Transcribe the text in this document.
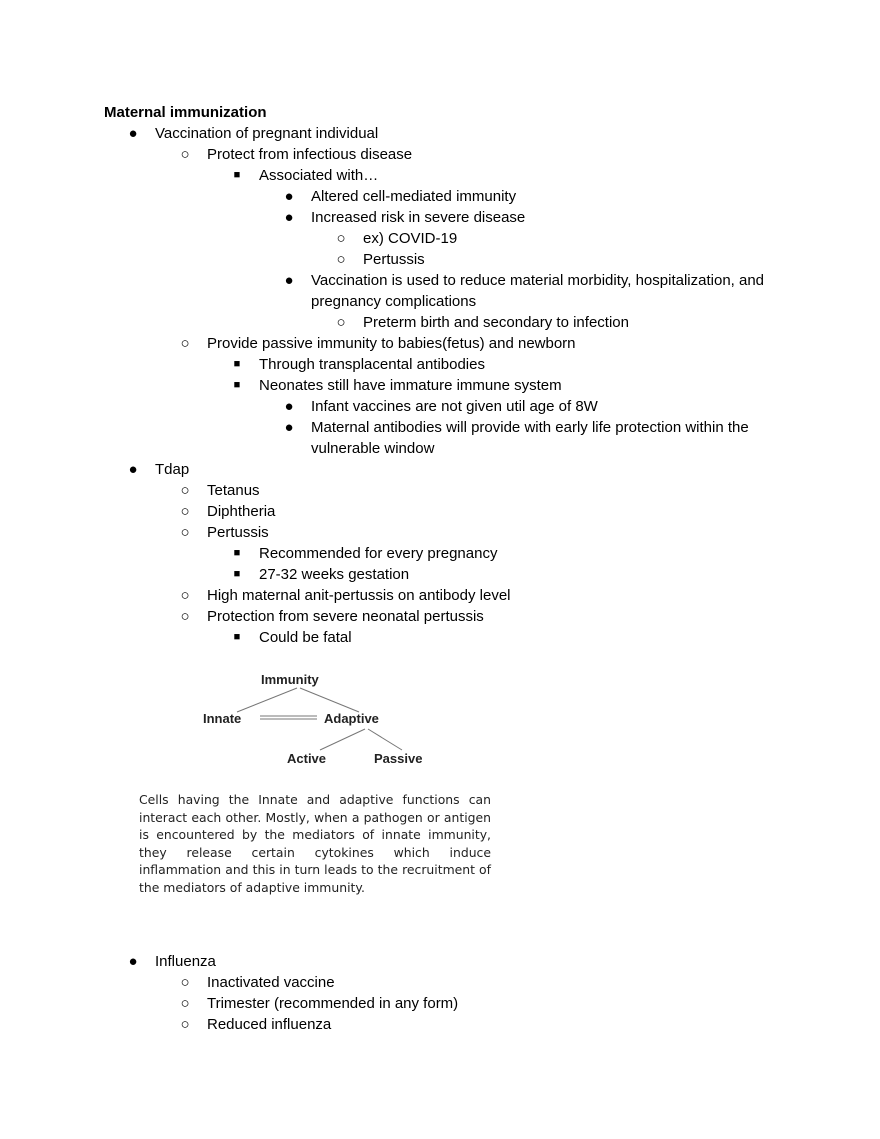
Maternal immunization
●	Vaccination of pregnant individual
○	Protect from infectious disease
■	Associated with…
●	Altered cell-mediated immunity
●	Increased risk in severe disease
○	ex) COVID-19
○	Pertussis
●	Vaccination is used to reduce material morbidity, hospitalization, and pregnancy complications
○	Preterm birth and secondary to infection
○	Provide passive immunity to babies(fetus) and newborn
■	Through transplacental antibodies
■	Neonates still have immature immune system
●	Infant vaccines are not given util age of 8W
●	Maternal antibodies will provide with early life protection within the vulnerable window
●	Tdap
○	Tetanus
○	Diphtheria
○	Pertussis
■	Recommended for every pregnancy
■	27-32 weeks gestation
○	High maternal anit-pertussis on antibody level
○	Protection from severe neonatal pertussis
■	Could be fatal
Immunity
Innate	Adaptive
Active	Passive
Cells having the Innate and adaptive functions can interact each other. Mostly, when a pathogen or antigen is encountered by the mediators of innate immunity, they release certain cytokines which induce inflammation and this in turn leads to the recruitment of the mediators of adaptive immunity.
●	Influenza
○	Inactivated vaccine
○	Trimester (recommended in any form)
○	Reduced influenza
